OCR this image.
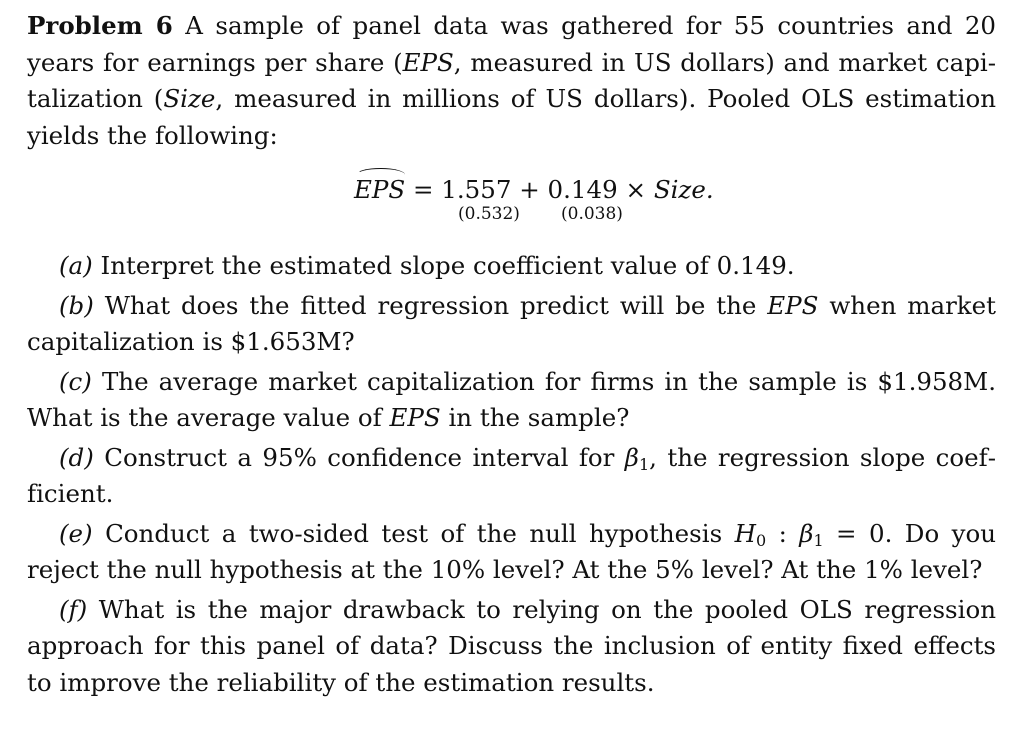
Problem 6 A sample of panel data was gathered for 55 countries and 20 years for earnings per share (EPS, measured in US dollars) and market capitalization (Size, measured in millions of US dollars). Pooled OLS estimation yields the following:

EPS = 1.557 + 0.149 × Size.
(0.532) (0.038)

(a) Interpret the estimated slope coefficient value of 0.149.

(b) What does the fitted regression predict will be the EPS when market capitalization is $1.653M?

(c) The average market capitalization for firms in the sample is $1.958M. What is the average value of EPS in the sample?

(d) Construct a 95% confidence interval for $\beta_1$, the regression slope coefficient.

(e) Conduct a two-sided test of the null hypothesis $H_0$ : $\beta_1 = 0$. Do you reject the null hypothesis at the 10% level? At the 5% level? At the 1% level?

(f) What is the major drawback to relying on the pooled OLS regression approach for this panel of data? Discuss the inclusion of entity fixed effects to improve the reliability of the estimation results.
